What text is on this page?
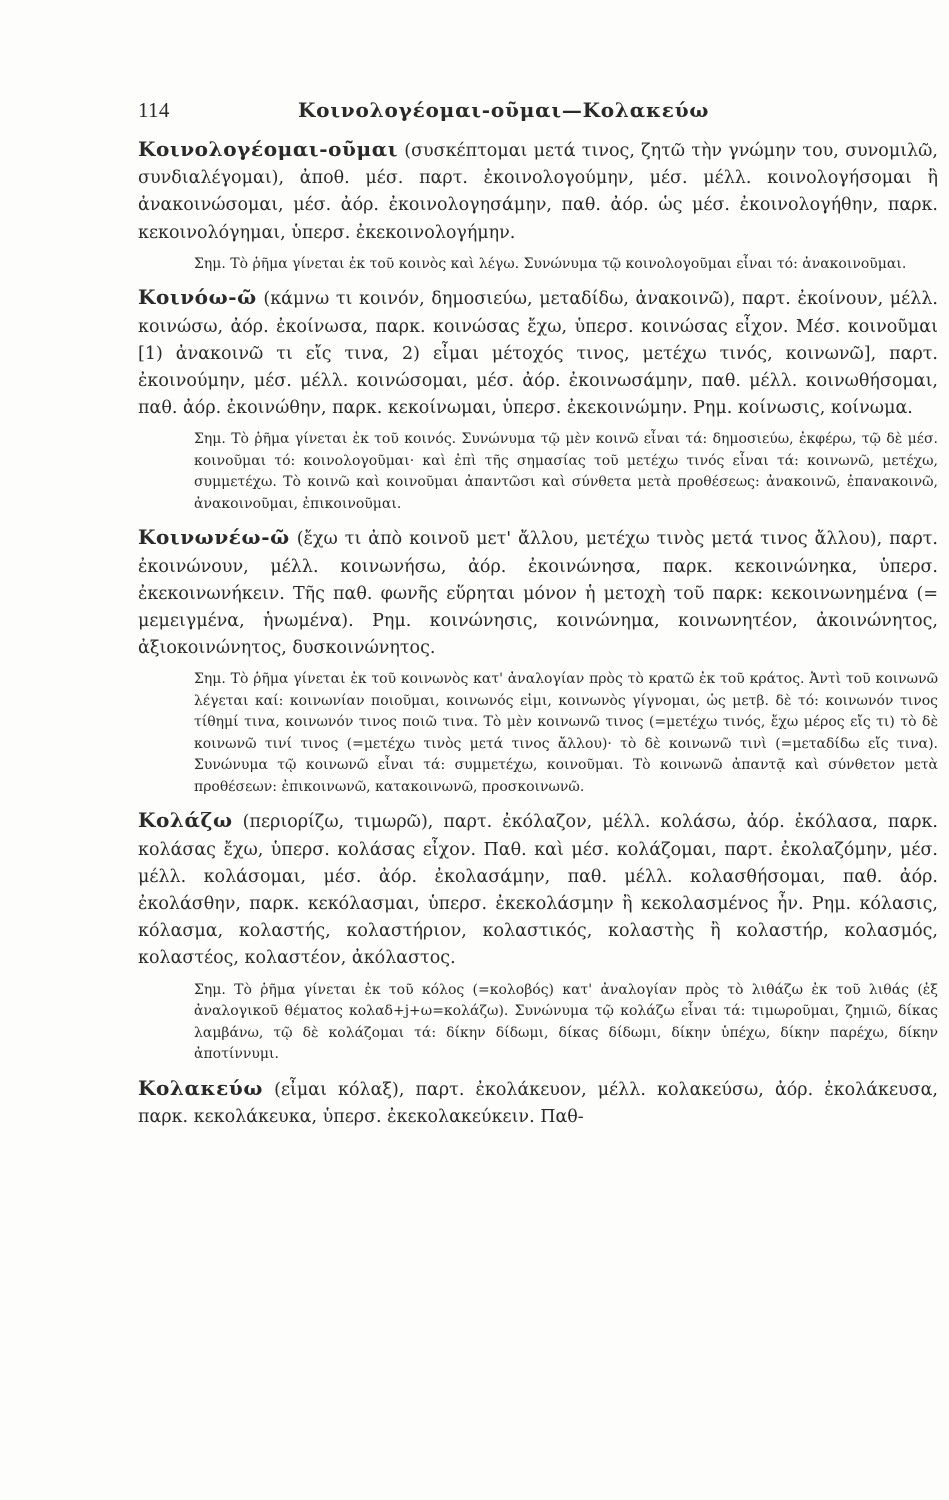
114	Κοινολογέομαι-οῦμαι—Κολακεύω
Κοινολογέομαι-οῦμαι (συσκέπτομαι μετά τινος, ζητῶ τὴν γνώμην του, συνομιλῶ, συνδιαλέγομαι), ἀποθ. μέσ. παρτ. ἐκοινολογούμην, μέσ. μέλλ. κοινολογήσομαι ἢ ἀνακοινώσομαι, μέσ. ἀόρ. ἐκοινολογησάμην, παθ. ἀόρ. ὡς μέσ. ἐκοινολογήθην, παρκ. κεκοινολόγημαι, ὑπερσ. ἐκεκοινολογήμην.
Σημ. Τὸ ῥῆμα γίνεται ἐκ τοῦ κοινὸς καὶ λέγω. Συνώνυμα τῷ κοινολογοῦμαι εἶναι τό: ἀνακοινοῦμαι.
Κοινόω-ῶ (κάμνω τι κοινόν, δημοσιεύω, μεταδίδω, ἀνακοινῶ), παρτ. ἐκοίνουν, μέλλ. κοινώσω, ἀόρ. ἐκοίνωσα, παρκ. κοινώσας ἔχω, ὑπερσ. κοινώσας εἶχον. Μέσ. κοινοῦμαι [1) ἀνακοινῶ τι εἴς τινα, 2) εἶμαι μέτοχός τινος, μετέχω τινός, κοινωνῶ], παρτ. ἐκοινούμην, μέσ. μέλλ. κοινώσομαι, μέσ. ἀόρ. ἐκοινωσάμην, παθ. μέλλ. κοινωθήσομαι, παθ. ἀόρ. ἐκοινώθην, παρκ. κεκοίνωμαι, ὑπερσ. ἐκεκοινώμην. Ρημ. κοίνωσις, κοίνωμα.
Σημ. Τὸ ῥῆμα γίνεται ἐκ τοῦ κοινός. Συνώνυμα τῷ μὲν κοινῶ εἶναι τά: δημοσιεύω, ἐκφέρω, τῷ δὲ μέσ. κοινοῦμαι τό: κοινολογοῦμαι· καὶ ἐπὶ τῆς σημασίας τοῦ μετέχω τινός εἶναι τά: κοινωνῶ, μετέχω, συμμετέχω. Τὸ κοινῶ καὶ κοινοῦμαι ἀπαντῶσι καὶ σύνθετα μετὰ προθέσεως: ἀνακοινῶ, ἐπανακοινῶ, ἀνακοινοῦμαι, ἐπικοινοῦμαι.
Κοινωνέω-ῶ (ἔχω τι ἀπὸ κοινοῦ μετ' ἄλλου, μετέχω τινὸς μετά τινος ἄλλου), παρτ. ἐκοινώνουν, μέλλ. κοινωνήσω, ἀόρ. ἐκοινώνησα, παρκ. κεκοινώνηκα, ὑπερσ. ἐκεκοινωνήκειν. Τῆς παθ. φωνῆς εὕρηται μόνον ἡ μετοχὴ τοῦ παρκ: κεκοινωνημένα (= μεμειγμένα, ἡνωμένα). Ρημ. κοινώνησις, κοινώνημα, κοινωνητέον, ἀκοινώνητος, ἀξιοκοινώνητος, δυσκοινώνητος.
Σημ. Τὸ ῥῆμα γίνεται ἐκ τοῦ κοινωνὸς κατ' ἀναλογίαν πρὸς τὸ κρατῶ ἐκ τοῦ κράτος. Ἀντὶ τοῦ κοινωνῶ λέγεται καί: κοινωνίαν ποιοῦμαι, κοινωνός εἰμι, κοινωνὸς γίγνομαι, ὡς μετβ. δὲ τό: κοινωνόν τινος τίθημί τινα, κοινωνόν τινος ποιῶ τινα. Τὸ μὲν κοινωνῶ τινος (=μετέχω τινός, ἔχω μέρος εἴς τι) τὸ δὲ κοινωνῶ τινί τινος (=μετέχω τινὸς μετά τινος ἄλλου)· τὸ δὲ κοινωνῶ τινὶ (=μεταδίδω εἴς τινα). Συνώνυμα τῷ κοινωνῶ εἶναι τά: συμμετέχω, κοινοῦμαι. Τὸ κοινωνῶ ἀπαντᾷ καὶ σύνθετον μετὰ προθέσεων: ἐπικοινωνῶ, κατακοινωνῶ, προσκοινωνῶ.
Κολάζω (περιορίζω, τιμωρῶ), παρτ. ἐκόλαζον, μέλλ. κολάσω, ἀόρ. ἐκόλασα, παρκ. κολάσας ἔχω, ὑπερσ. κολάσας εἶχον. Παθ. καὶ μέσ. κολάζομαι, παρτ. ἐκολαζόμην, μέσ. μέλλ. κολάσομαι, μέσ. ἀόρ. ἐκολασάμην, παθ. μέλλ. κολασθήσομαι, παθ. ἀόρ. ἐκολάσθην, παρκ. κεκόλασμαι, ὑπερσ. ἐκεκολάσμην ἢ κεκολασμένος ἦν. Ρημ. κόλασις, κόλασμα, κολαστής, κολαστήριον, κολαστικός, κολαστὴς ἢ κολαστήρ, κολασμός, κολαστέος, κολαστέον, ἀκόλαστος.
Σημ. Τὸ ῥῆμα γίνεται ἐκ τοῦ κόλος (=κολοβός) κατ' ἀναλογίαν πρὸς τὸ λιθάζω ἐκ τοῦ λιθάς (ἐξ ἀναλογικοῦ θέματος κολαδ+j+ω=κολάζω). Συνώνυμα τῷ κολάζω εἶναι τά: τιμωροῦμαι, ζημιῶ, δίκας λαμβάνω, τῷ δὲ κολάζομαι τά: δίκην δίδωμι, δίκας δίδωμι, δίκην ὑπέχω, δίκην παρέχω, δίκην ἀποτίννυμι.
Κολακεύω (εἶμαι κόλαξ), παρτ. ἐκολάκευον, μέλλ. κολακεύσω, ἀόρ. ἐκολάκευσα, παρκ. κεκολάκευκα, ὑπερσ. ἐκεκολακεύκειν. Παθ-
